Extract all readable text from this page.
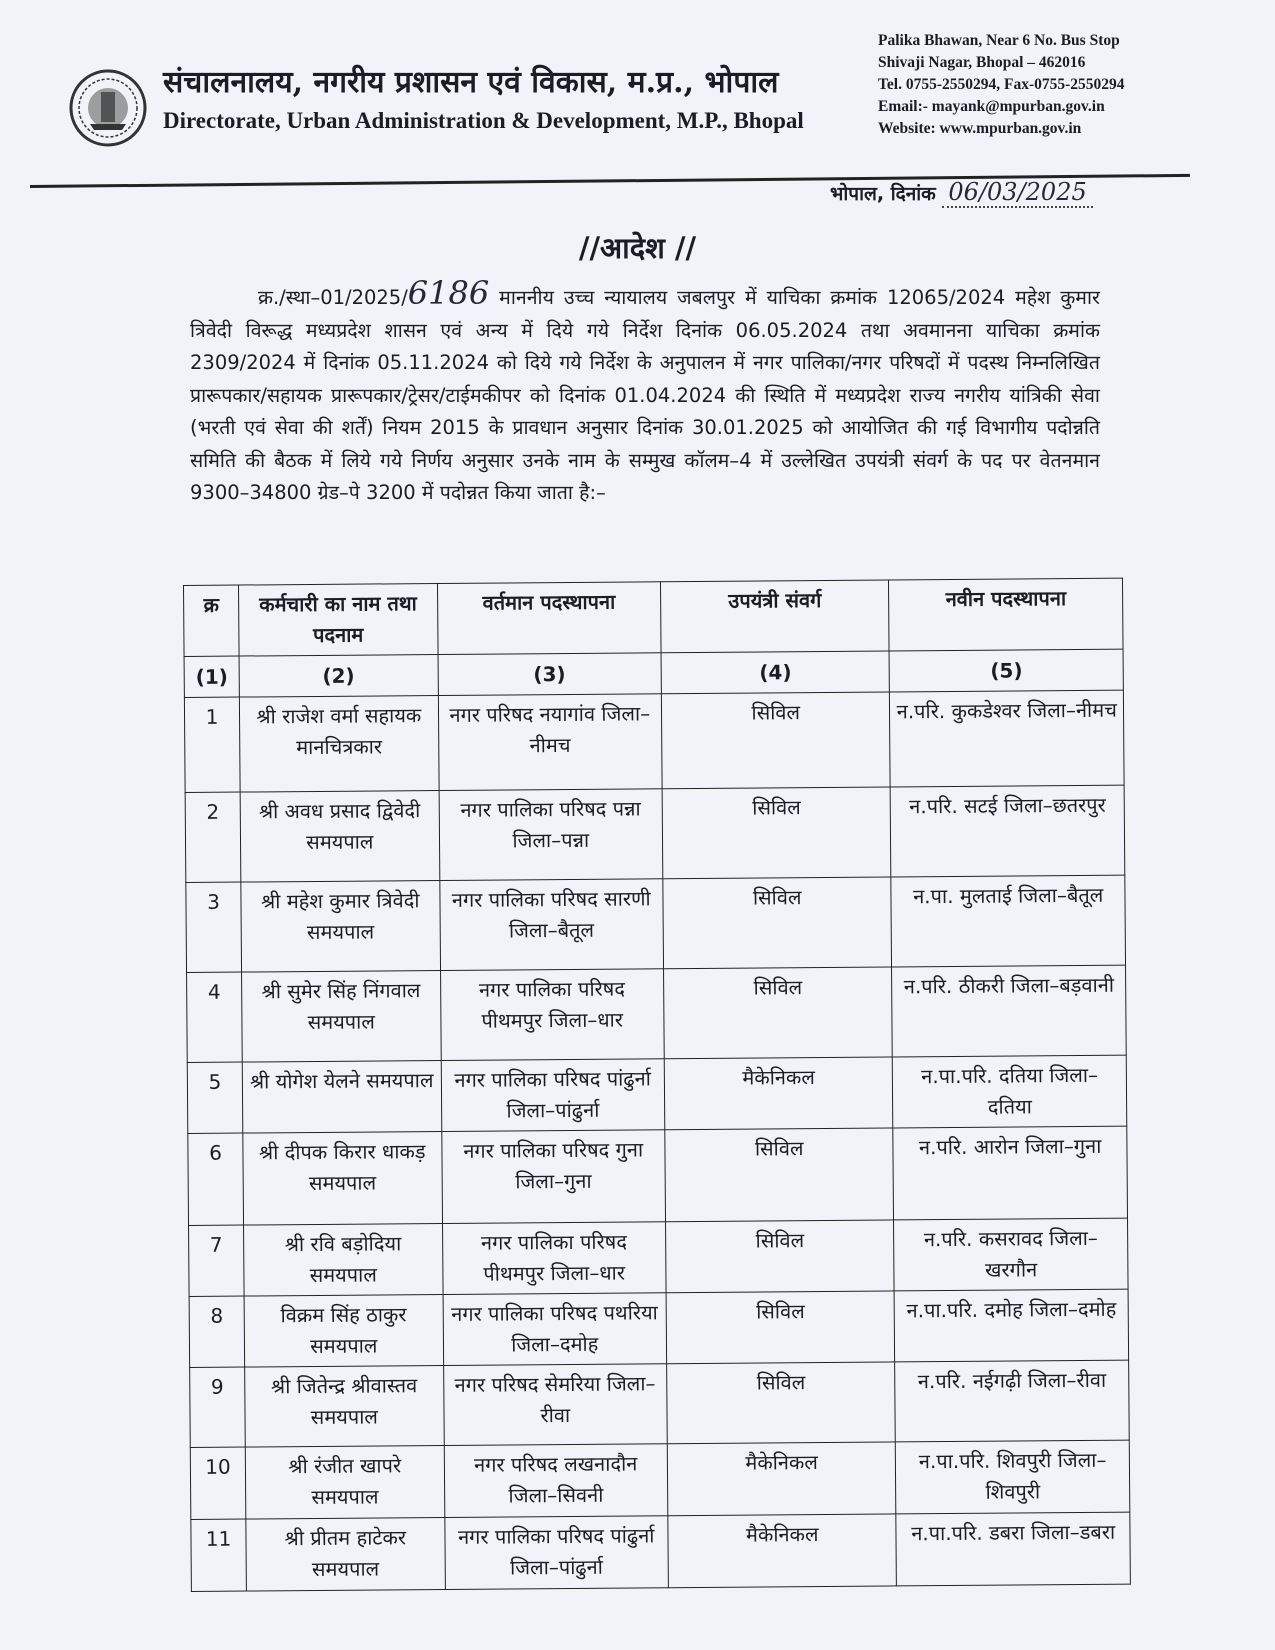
संचालनालय, नगरीय प्रशासन एवं विकास, म.प्र., भोपाल
Directorate, Urban Administration & Development, M.P., Bhopal
Palika Bhawan, Near 6 No. Bus Stop
Shivaji Nagar, Bhopal – 462016
Tel. 0755-2550294, Fax-0755-2550294
Email:- mayank@mpurban.gov.in
Website: www.mpurban.gov.in
भोपाल, दिनांक 06/03/2025
//आदेश //
क्र./स्था–01/2025/6186 माननीय उच्च न्यायालय जबलपुर में याचिका क्रमांक 12065/2024 महेश कुमार त्रिवेदी विरूद्ध मध्यप्रदेश शासन एवं अन्य में दिये गये निर्देश दिनांक 06.05.2024 तथा अवमानना याचिका क्रमांक 2309/2024 में दिनांक 05.11.2024 को दिये गये निर्देश के अनुपालन में नगर पालिका/नगर परिषदों में पदस्थ निम्नलिखित प्रारूपकार/सहायक प्रारूपकार/ट्रेसर/टाईमकीपर को दिनांक 01.04.2024 की स्थिति में मध्यप्रदेश राज्य नगरीय यांत्रिकी सेवा (भरती एवं सेवा की शर्तें) नियम 2015 के प्रावधान अनुसार दिनांक 30.01.2025 को आयोजित की गई विभागीय पदोन्नति समिति की बैठक में लिये गये निर्णय अनुसार उनके नाम के सम्मुख कॉलम–4 में उल्लेखित उपयंत्री संवर्ग के पद पर वेतनमान 9300–34800 ग्रेड–पे 3200 में पदोन्नत किया जाता है:–
क्र	कर्मचारी का नाम तथा पदनाम	वर्तमान पदस्थापना	उपयंत्री संवर्ग	नवीन पदस्थापना
(1)	(2)	(3)	(4)	(5)
1	श्री राजेश वर्मा सहायक मानचित्रकार	नगर परिषद नयागांव जिला–नीमच	सिविल	न.परि. कुकडेश्वर जिला–नीमच
2	श्री अवध प्रसाद द्विवेदी समयपाल	नगर पालिका परिषद पन्ना जिला–पन्ना	सिविल	न.परि. सटई जिला–छतरपुर
3	श्री महेश कुमार त्रिवेदी समयपाल	नगर पालिका परिषद सारणी जिला–बैतूल	सिविल	न.पा. मुलताई जिला–बैतूल
4	श्री सुमेर सिंह निंगवाल समयपाल	नगर पालिका परिषद पीथमपुर जिला–धार	सिविल	न.परि. ठीकरी जिला–बड़वानी
5	श्री योगेश येलने समयपाल	नगर पालिका परिषद पांढुर्ना जिला–पांढुर्ना	मैकेनिकल	न.पा.परि. दतिया जिला–दतिया
6	श्री दीपक किरार धाकड़ समयपाल	नगर पालिका परिषद गुना जिला–गुना	सिविल	न.परि. आरोन जिला–गुना
7	श्री रवि बड़ोदिया समयपाल	नगर पालिका परिषद पीथमपुर जिला–धार	सिविल	न.परि. कसरावद जिला–खरगौन
8	विक्रम सिंह ठाकुर समयपाल	नगर पालिका परिषद पथरिया जिला–दमोह	सिविल	न.पा.परि. दमोह जिला–दमोह
9	श्री जितेन्द्र श्रीवास्तव समयपाल	नगर परिषद सेमरिया जिला–रीवा	सिविल	न.परि. नईगढ़ी जिला–रीवा
10	श्री रंजीत खापरे समयपाल	नगर परिषद लखनादौन जिला–सिवनी	मैकेनिकल	न.पा.परि. शिवपुरी जिला–शिवपुरी
11	श्री प्रीतम हाटेकर समयपाल	नगर पालिका परिषद पांढुर्ना जिला–पांढुर्ना	मैकेनिकल	न.पा.परि. डबरा जिला–डबरा
